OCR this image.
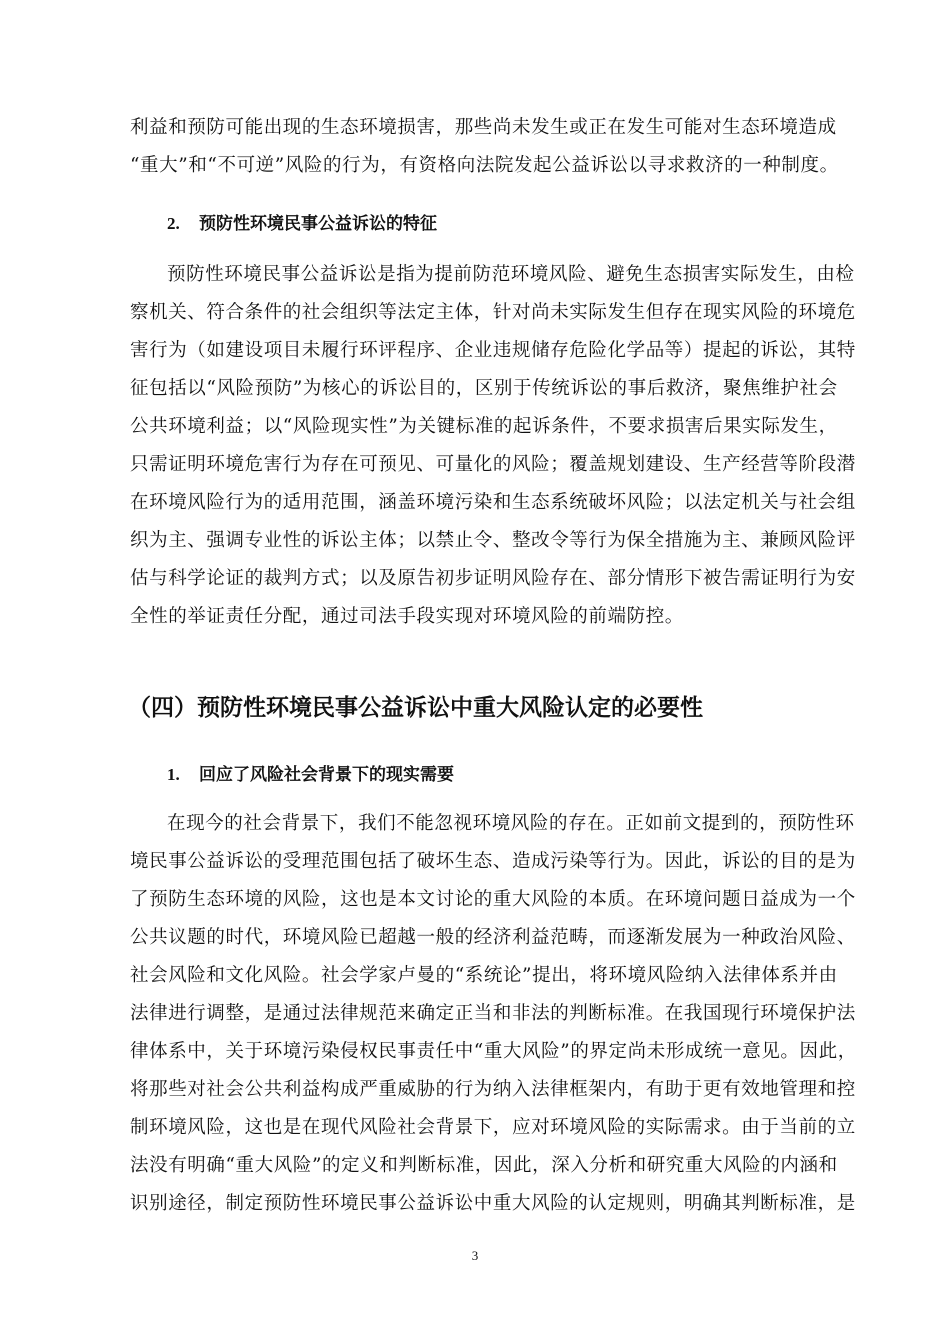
利益和预防可能出现的生态环境损害，那些尚未发生或正在发生可能对生态环境造成
“重大”和“不可逆”风险的行为，有资格向法院发起公益诉讼以寻求救济的一种制度。
2. 预防性环境民事公益诉讼的特征
预防性环境民事公益诉讼是指为提前防范环境风险、避免生态损害实际发生，由检
察机关、符合条件的社会组织等法定主体，针对尚未实际发生但存在现实风险的环境危
害行为（如建设项目未履行环评程序、企业违规储存危险化学品等）提起的诉讼，其特
征包括以“风险预防”为核心的诉讼目的，区别于传统诉讼的事后救济，聚焦维护社会
公共环境利益；以“风险现实性”为关键标准的起诉条件，不要求损害后果实际发生，
只需证明环境危害行为存在可预见、可量化的风险；覆盖规划建设、生产经营等阶段潜
在环境风险行为的适用范围，涵盖环境污染和生态系统破坏风险；以法定机关与社会组
织为主、强调专业性的诉讼主体；以禁止令、整改令等行为保全措施为主、兼顾风险评
估与科学论证的裁判方式；以及原告初步证明风险存在、部分情形下被告需证明行为安
全性的举证责任分配，通过司法手段实现对环境风险的前端防控。
（四）预防性环境民事公益诉讼中重大风险认定的必要性
1. 回应了风险社会背景下的现实需要
在现今的社会背景下，我们不能忽视环境风险的存在。正如前文提到的，预防性环
境民事公益诉讼的受理范围包括了破坏生态、造成污染等行为。因此，诉讼的目的是为
了预防生态环境的风险，这也是本文讨论的重大风险的本质。在环境问题日益成为一个
公共议题的时代，环境风险已超越一般的经济利益范畴，而逐渐发展为一种政治风险、
社会风险和文化风险。社会学家卢曼的“系统论”提出，将环境风险纳入法律体系并由
法律进行调整，是通过法律规范来确定正当和非法的判断标准。在我国现行环境保护法
律体系中，关于环境污染侵权民事责任中“重大风险”的界定尚未形成统一意见。因此，
将那些对社会公共利益构成严重威胁的行为纳入法律框架内，有助于更有效地管理和控
制环境风险，这也是在现代风险社会背景下，应对环境风险的实际需求。由于当前的立
法没有明确“重大风险”的定义和判断标准，因此，深入分析和研究重大风险的内涵和
识别途径，制定预防性环境民事公益诉讼中重大风险的认定规则，明确其判断标准，是
3
